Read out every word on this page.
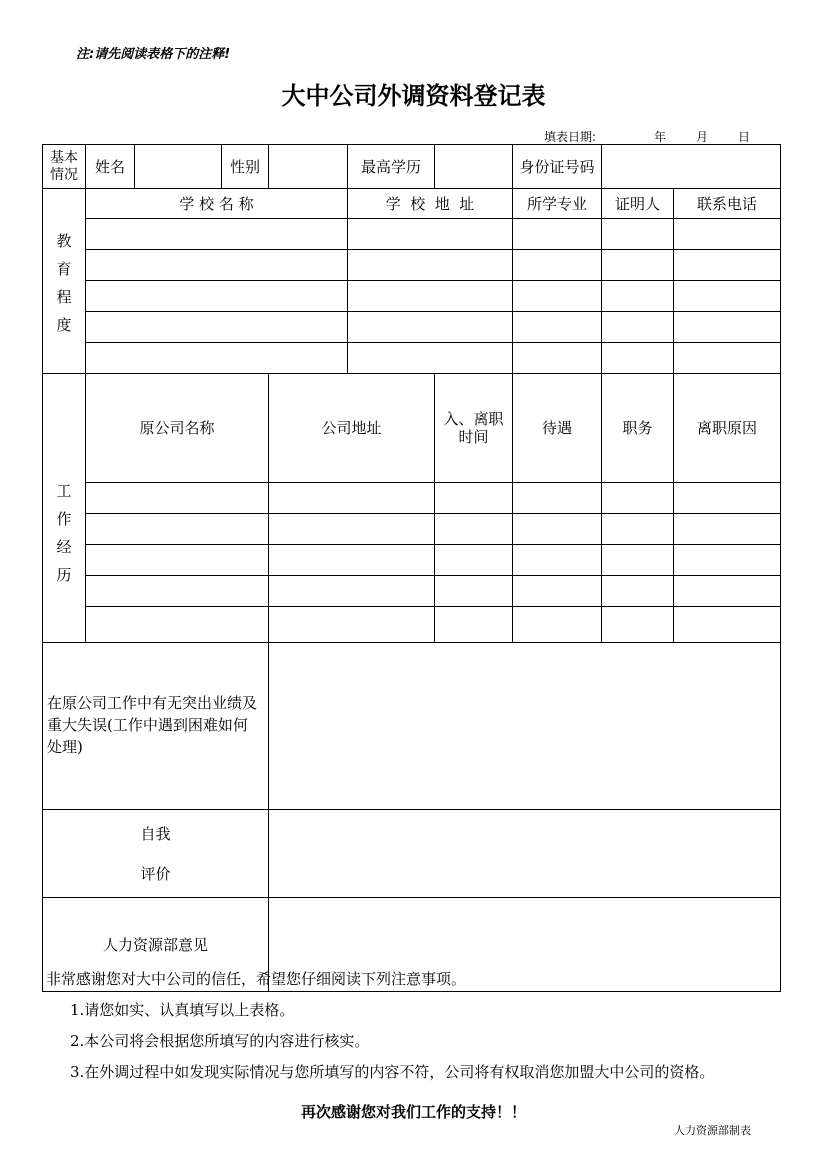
注:请先阅读表格下的注释!
大中公司外调资料登记表
填表日期:	年 月 日
基本情况	姓名		性别		最高学历		身份证号码			

教
育
程
度	学 校 名 称				学  校  地  址		所学专业	证明人	联系电话	

工
作
经
历	原公司名称			公司地址		入、离职时间	待遇	职务	离职原因	

在原公司工作中有无突出业绩及重大失误(工作中遇到困难如何处理)										

自我
评价										

人力资源部意见										
非常感谢您对大中公司的信任，希望您仔细阅读下列注意事项。
1.请您如实、认真填写以上表格。
2.本公司将会根据您所填写的内容进行核实。
3.在外调过程中如发现实际情况与您所填写的内容不符，公司将有权取消您加盟大中公司的资格。
再次感谢您对我们工作的支持！！
人力资源部制表
